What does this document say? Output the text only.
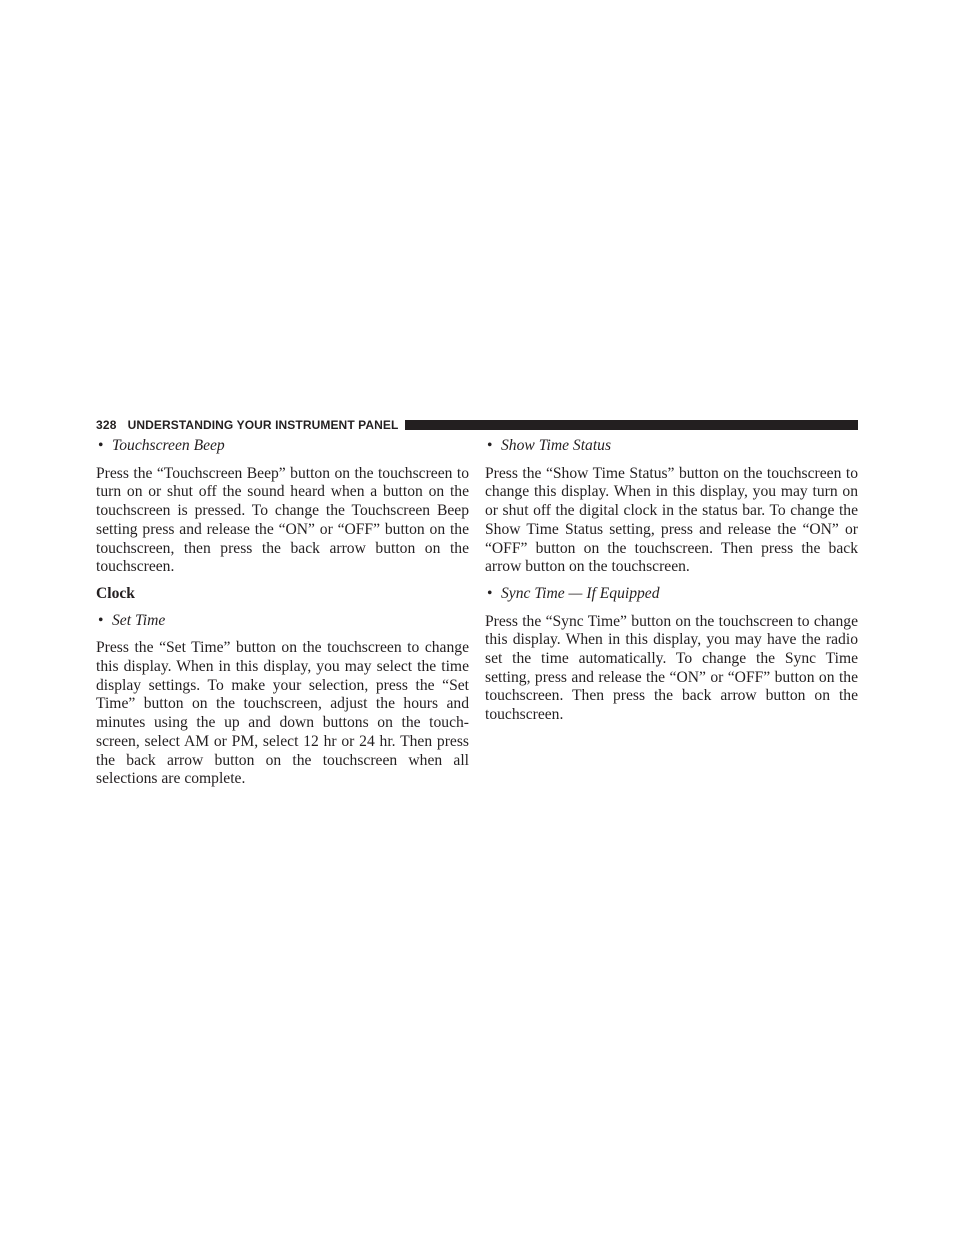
328 UNDERSTANDING YOUR INSTRUMENT PANEL
• Touchscreen Beep

Press the “Touchscreen Beep” button on the touchscreen to turn on or shut off the sound heard when a button on the touchscreen is pressed. To change the Touchscreen Beep setting press and release the “ON” or “OFF” button on the touchscreen, then press the back arrow button on the touchscreen.

Clock
• Set Time

Press the “Set Time” button on the touchscreen to change this display. When in this display, you may select the time display settings. To make your selection, press the “Set Time” button on the touchscreen, adjust the hours and minutes using the up and down buttons on the touch-screen, select AM or PM, select 12 hr or 24 hr. Then press the back arrow button on the touchscreen when all selections are complete.

• Show Time Status

Press the “Show Time Status” button on the touchscreen to change this display. When in this display, you may turn on or shut off the digital clock in the status bar. To change the Show Time Status setting, press and release the “ON” or “OFF” button on the touchscreen. Then press the back arrow button on the touchscreen.

• Sync Time — If Equipped

Press the “Sync Time” button on the touchscreen to change this display. When in this display, you may have the radio set the time automatically. To change the Sync Time setting, press and release the “ON” or “OFF” button on the touchscreen. Then press the back arrow button on the touchscreen.
